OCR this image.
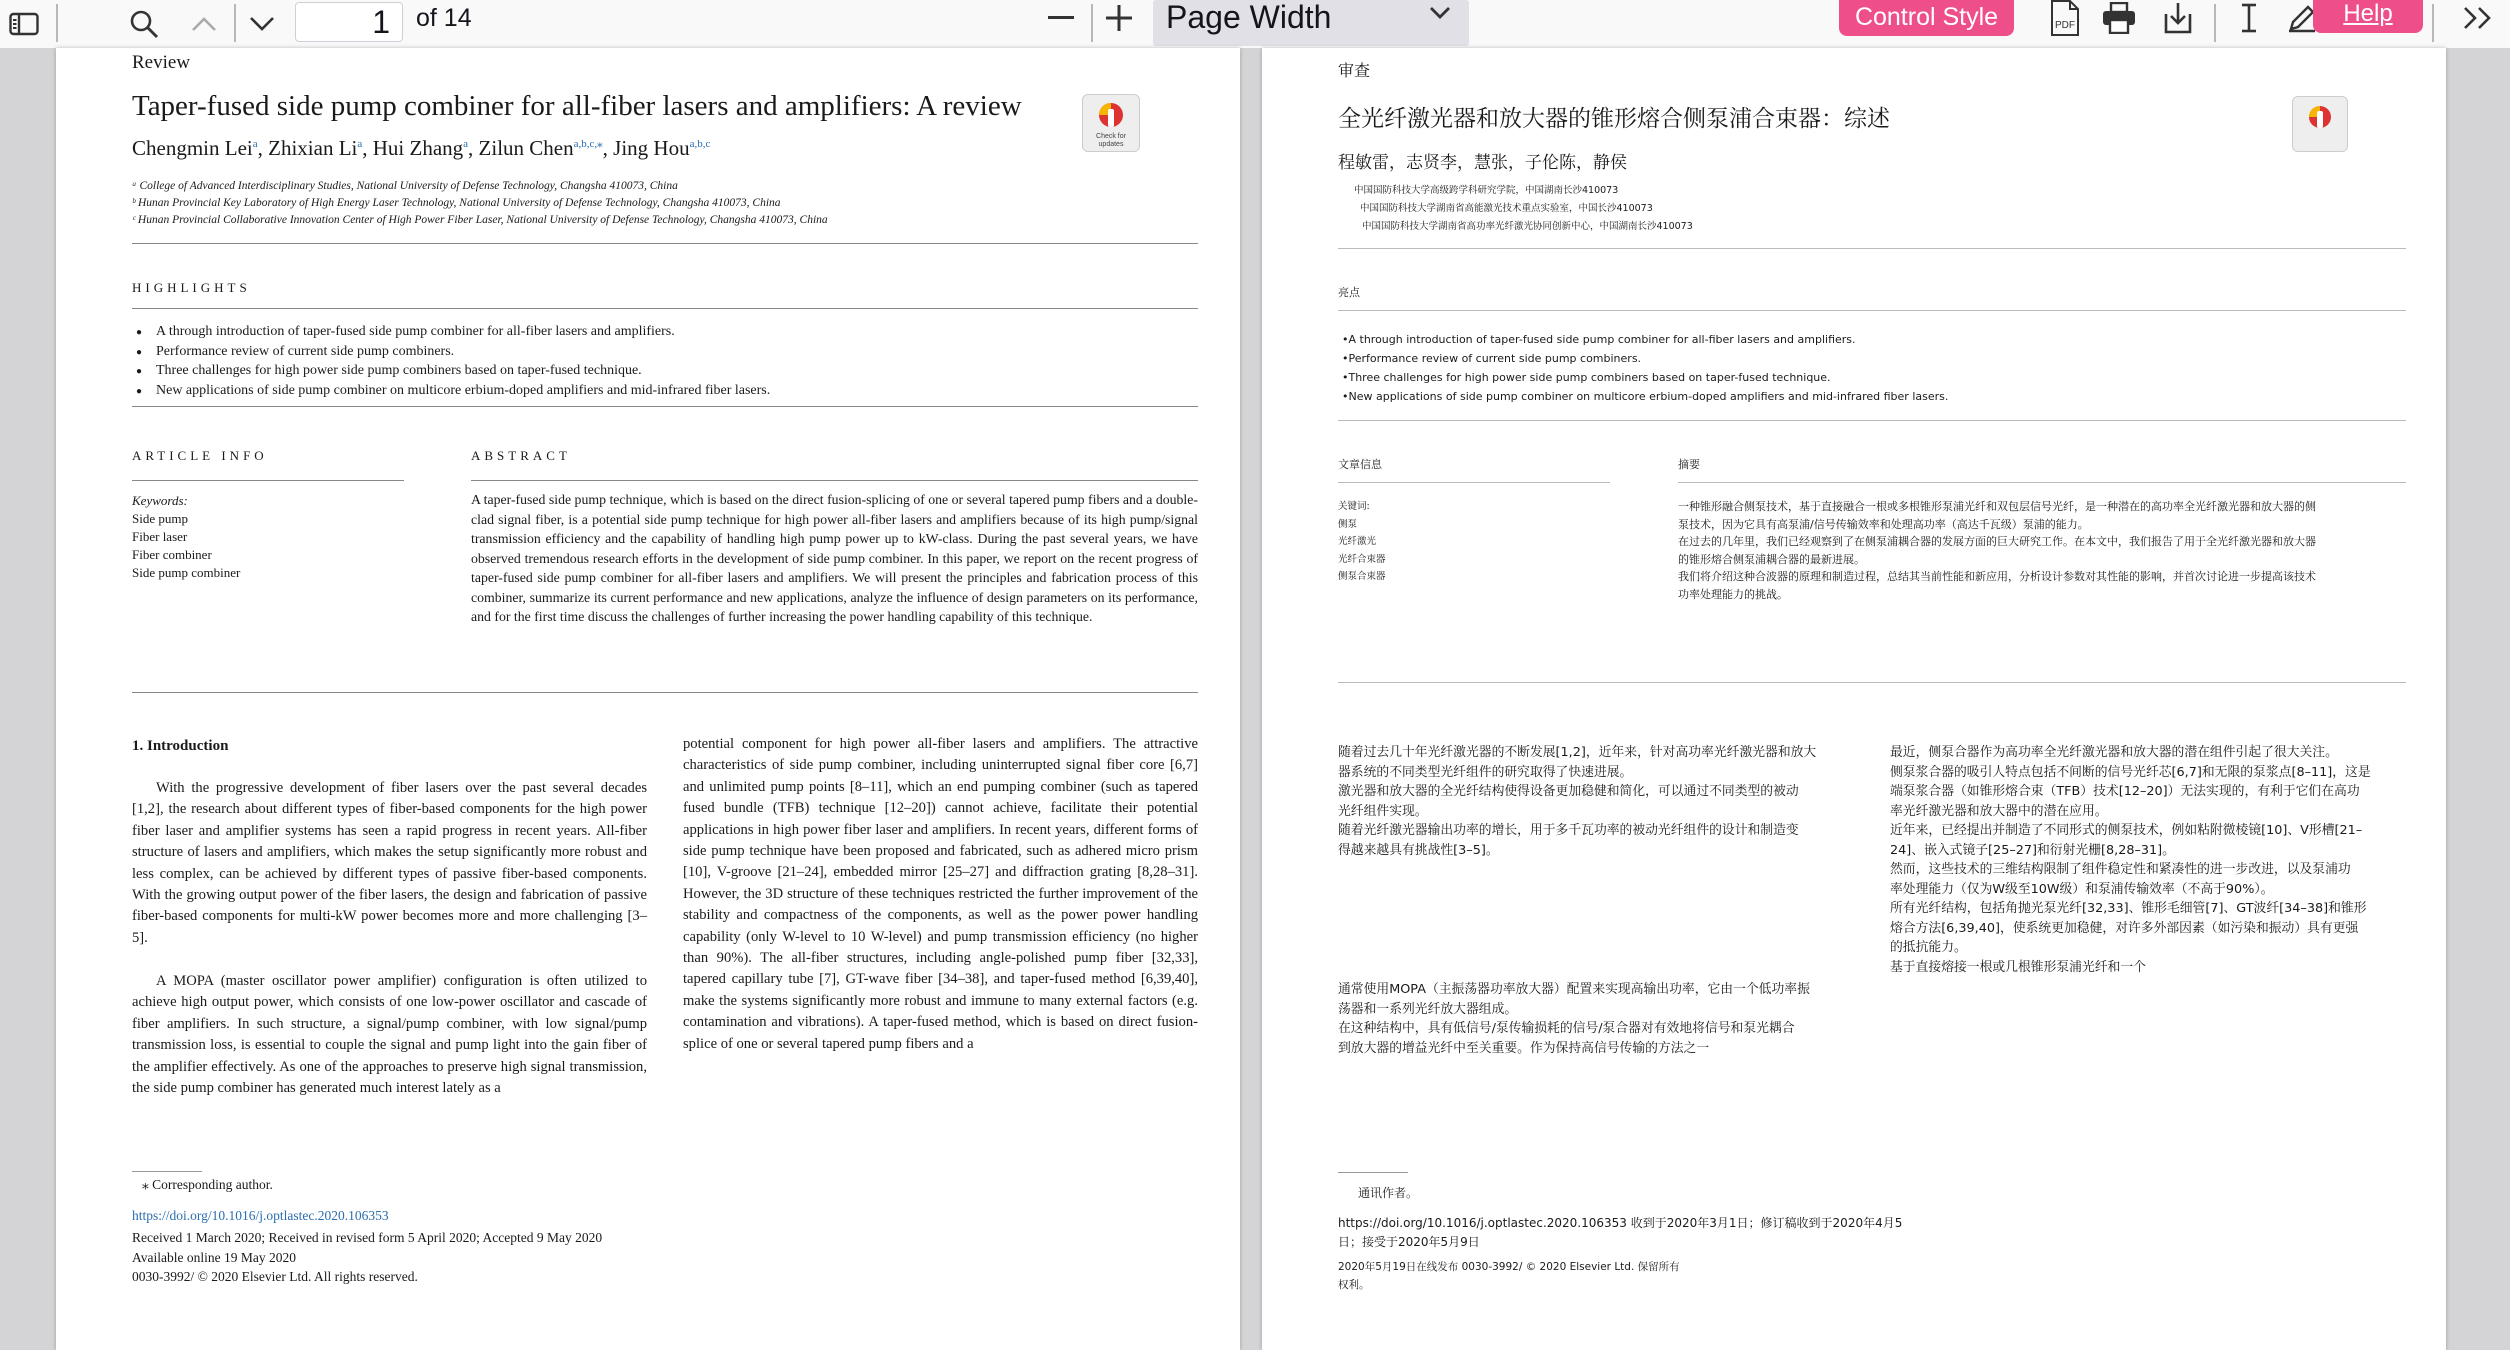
1	of 14	Page Width	Control Style	PDF	Help
Review
Taper-fused side pump combiner for all-fiber lasers and amplifiers: A review
Chengmin Lei$^a$, Zhixian Li$^a$, Hui Zhang$^a$, Zilun Chen$^{a,b,c,⁎}$, Jing Hou$^{a,b,c}$
ᵃ College of Advanced Interdisciplinary Studies, National University of Defense Technology, Changsha 410073, China
ᵇ Hunan Provincial Key Laboratory of High Energy Laser Technology, National University of Defense Technology, Changsha 410073, China
ᶜ Hunan Provincial Collaborative Innovation Center of High Power Fiber Laser, National University of Defense Technology, Changsha 410073, China
Check for updates
HIGHLIGHTS
● A through introduction of taper-fused side pump combiner for all-fiber lasers and amplifiers.
● Performance review of current side pump combiners.
● Three challenges for high power side pump combiners based on taper-fused technique.
● New applications of side pump combiner on multicore erbium-doped amplifiers and mid-infrared fiber lasers.
ARTICLE INFO	ABSTRACT
Keywords:
Side pump
Fiber laser
Fiber combiner
Side pump combiner
A taper-fused side pump technique, which is based on the direct fusion-splicing of one or several tapered pump fibers and a double-clad signal fiber, is a potential side pump technique for high power all-fiber lasers and amplifiers because of its high pump/signal transmission efficiency and the capability of handling high pump power up to kW-class. During the past several years, we have observed tremendous research efforts in the development of side pump combiner. In this paper, we report on the recent progress of taper-fused side pump combiner for all-fiber lasers and amplifiers. We will present the principles and fabrication process of this combiner, summarize its current performance and new applications, analyze the influence of design parameters on its performance, and for the first time discuss the challenges of further increasing the power handling capability of this technique.
1. Introduction
With the progressive development of fiber lasers over the past several decades [1,2], the research about different types of fiber-based components for the high power fiber laser and amplifier systems has seen a rapid progress in recent years. All-fiber structure of lasers and amplifiers, which makes the setup significantly more robust and less complex, can be achieved by different types of passive fiber-based components. With the growing output power of the fiber lasers, the design and fabrication of passive fiber-based components for multi-kW power becomes more and more challenging [3–5].
A MOPA (master oscillator power amplifier) configuration is often utilized to achieve high output power, which consists of one low-power oscillator and cascade of fiber amplifiers. In such structure, a signal/pump combiner, with low signal/pump transmission loss, is essential to couple the signal and pump light into the gain fiber of the amplifier effectively. As one of the approaches to preserve high signal transmission, the side pump combiner has generated much interest lately as a
potential component for high power all-fiber lasers and amplifiers. The attractive characteristics of side pump combiner, including uninterrupted signal fiber core [6,7] and unlimited pump points [8–11], which an end pumping combiner (such as tapered fused bundle (TFB) technique [12–20]) cannot achieve, facilitate their potential applications in high power fiber laser and amplifiers. In recent years, different forms of side pump technique have been proposed and fabricated, such as adhered micro prism [10], V-groove [21–24], embedded mirror [25–27] and diffraction grating [8,28–31]. However, the 3D structure of these techniques restricted the further improvement of the stability and compactness of the components, as well as the power power handling capability (only W-level to 10 W-level) and pump transmission efficiency (no higher than 90%). The all-fiber structures, including angle-polished pump fiber [32,33], tapered capillary tube [7], GT-wave fiber [34–38], and taper-fused method [6,39,40], make the systems significantly more robust and immune to many external factors (e.g. contamination and vibrations). A taper-fused method, which is based on direct fusion-splice of one or several tapered pump fibers and a
⁎ Corresponding author.
https://doi.org/10.1016/j.optlastec.2020.106353
Received 1 March 2020; Received in revised form 5 April 2020; Accepted 9 May 2020
Available online 19 May 2020
0030-3992/ © 2020 Elsevier Ltd. All rights reserved.
审查
全光纤激光器和放大器的锥形熔合侧泵浦合束器：综述
程敏雷，志贤李，慧张，子伦陈，静侯
中国国防科技大学高级跨学科研究学院，中国湖南长沙410073
中国国防科技大学湖南省高能激光技术重点实验室，中国长沙410073
中国国防科技大学湖南省高功率光纤激光协同创新中心，中国湖南长沙410073
亮点
•A through introduction of taper-fused side pump combiner for all-fiber lasers and amplifiers.
•Performance review of current side pump combiners.
•Three challenges for high power side pump combiners based on taper-fused technique.
•New applications of side pump combiner on multicore erbium-doped amplifiers and mid-infrared fiber lasers.
文章信息	摘要
关键词:
侧泵
光纤激光
光纤合束器
侧泵合束器
一种锥形融合侧泵技术，基于直接融合一根或多根锥形泵浦光纤和双包层信号光纤，是一种潜在的高功率全光纤激光器和放大器的侧
泵技术，因为它具有高泵浦/信号传输效率和处理高功率（高达千瓦级）泵浦的能力。
在过去的几年里，我们已经观察到了在侧泵浦耦合器的发展方面的巨大研究工作。在本文中，我们报告了用于全光纤激光器和放大器
的锥形熔合侧泵浦耦合器的最新进展。
我们将介绍这种合波器的原理和制造过程，总结其当前性能和新应用，分析设计参数对其性能的影响，并首次讨论进一步提高该技术
功率处理能力的挑战。
随着过去几十年光纤激光器的不断发展[1,2]，近年来，针对高功率光纤激光器和放大
器系统的不同类型光纤组件的研究取得了快速进展。
激光器和放大器的全光纤结构使得设备更加稳健和简化，可以通过不同类型的被动
光纤组件实现。
随着光纤激光器输出功率的增长，用于多千瓦功率的被动光纤组件的设计和制造变
得越来越具有挑战性[3–5]。
通常使用MOPA（主振荡器功率放大器）配置来实现高输出功率，它由一个低功率振
荡器和一系列光纤放大器组成。
在这种结构中，具有低信号/泵传输损耗的信号/泵合器对有效地将信号和泵光耦合
到放大器的增益光纤中至关重要。作为保持高信号传输的方法之一
最近，侧泵合器作为高功率全光纤激光器和放大器的潜在组件引起了很大关注。
侧泵浆合器的吸引人特点包括不间断的信号光纤芯[6,7]和无限的泵浆点[8–11]，这是
端泵浆合器（如锥形熔合束（TFB）技术[12–20]）无法实现的，有利于它们在高功
率光纤激光器和放大器中的潜在应用。
近年来，已经提出并制造了不同形式的侧泵技术，例如粘附微棱镜[10]、V形槽[21–
24]、嵌入式镜子[25–27]和衍射光栅[8,28–31]。
然而，这些技术的三维结构限制了组件稳定性和紧凑性的进一步改进，以及泵浦功
率处理能力（仅为W级至10W级）和泵浦传输效率（不高于90%）。
所有光纤结构，包括角抛光泵光纤[32,33]、锥形毛细管[7]、GT波纤[34–38]和锥形
熔合方法[6,39,40]，使系统更加稳健，对许多外部因素（如污染和振动）具有更强
的抵抗能力。
基于直接熔接一根或几根锥形泵浦光纤和一个
通讯作者。
https://doi.org/10.1016/j.optlastec.2020.106353 收到于2020年3月1日；修订稿收到于2020年4月5
日；接受于2020年5月9日
2020年5月19日在线发布 0030-3992/ © 2020 Elsevier Ltd. 保留所有
权利。
